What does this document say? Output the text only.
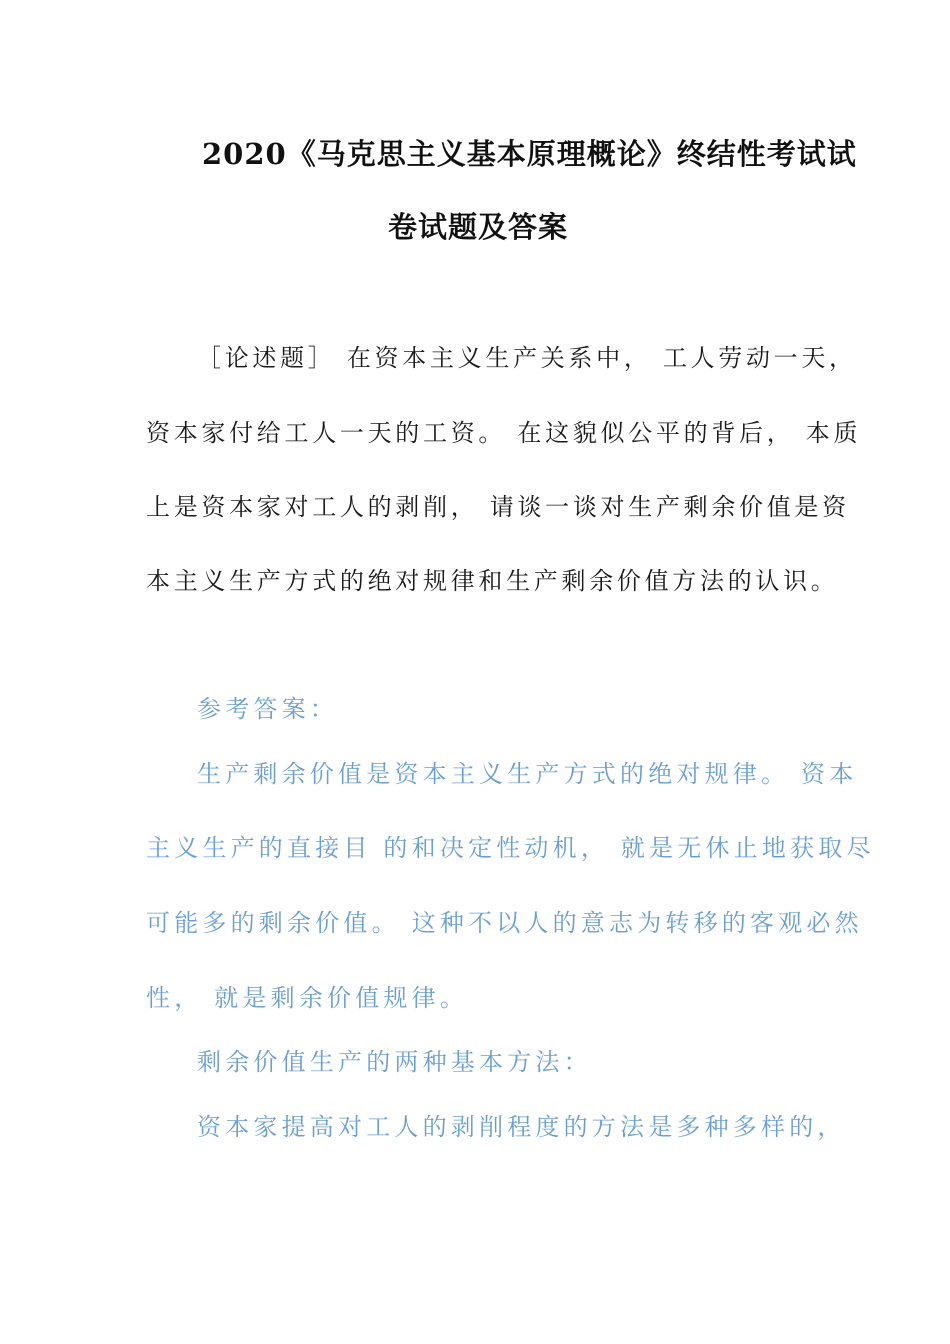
2020《马克思主义基本原理概论》终结性考试试
卷试题及答案
［论述题］ 在资本主义生产关系中， 工人劳动一天，
资本家付给工人一天的工资。 在这貌似公平的背后， 本质
上是资本家对工人的剥削， 请谈一谈对生产剩余价值是资
本主义生产方式的绝对规律和生产剩余价值方法的认识。
参考答案：
生产剩余价值是资本主义生产方式的绝对规律。 资本
主义生产的直接目 的和决定性动机， 就是无休止地获取尽
可能多的剩余价值。 这种不以人的意志为转移的客观必然
性， 就是剩余价值规律。
剩余价值生产的两种基本方法：
资本家提高对工人的剥削程度的方法是多种多样的，
